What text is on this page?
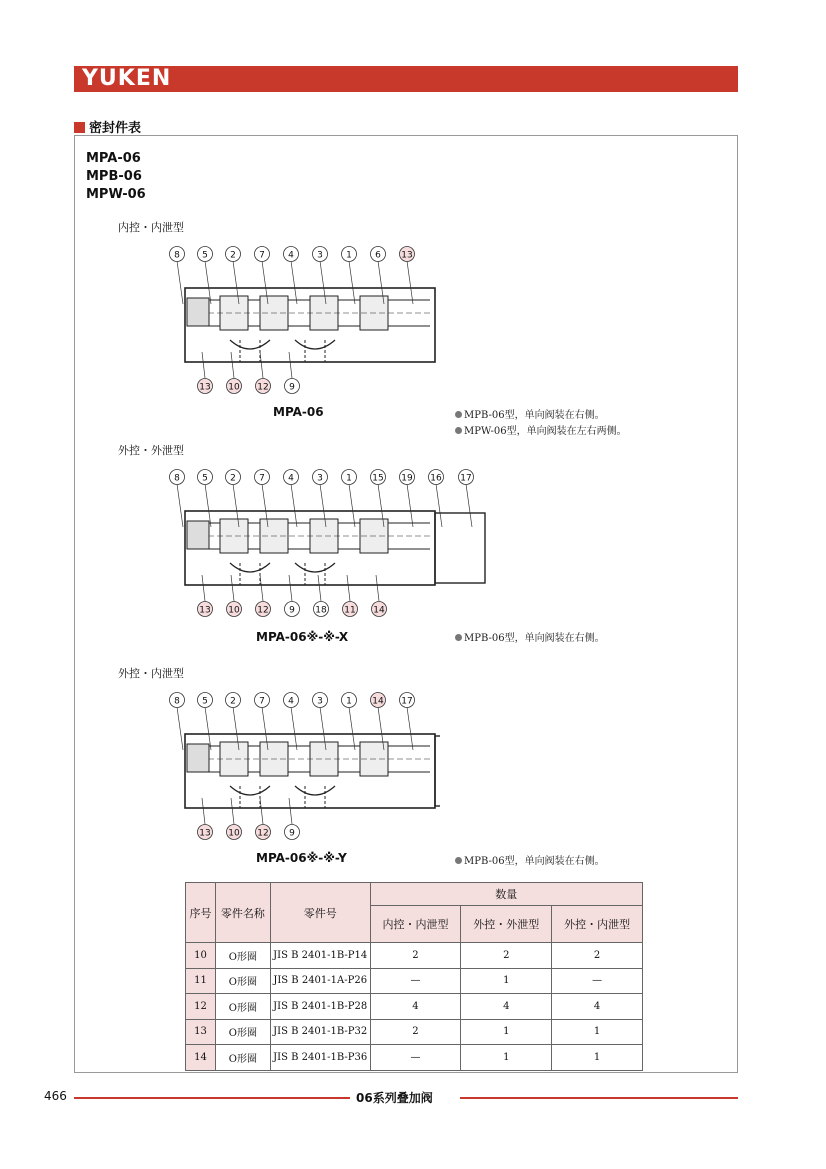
YUKEN
密封件表
MPA-06
MPB-06
MPW-06
内控・内泄型
8 5 2	7	4	3	1	6 13
13 10 12 9
MPA-06	MPB-06型，单向阀装在右侧。
MPW-06型，单向阀装在左右两侧。
外控・外泄型
8 5 2	7	4	3	1 15 19 16 17
13 10 12 9 18 11 14
MPA-06※-※-X	MPB-06型，单向阀装在右侧。
外控・内泄型
8 5 2	7	4	3	1 14 17
13 10 12 9
MPA-06※-※-Y	MPB-06型，单向阀装在右侧。
序号	零件名称	零件号	数量		
			内控・内泄型	外控・外泄型	外控・内泄型
10	O形圈	JIS B 2401-1B-P14	2	2	2
11	O形圈	JIS B 2401-1A-P26	—	1	—
12	O形圈	JIS B 2401-1B-P28	4	4	4
13	O形圈	JIS B 2401-1B-P32	2	1	1
14	O形圈	JIS B 2401-1B-P36	—	1	1
466	06系列叠加阀
